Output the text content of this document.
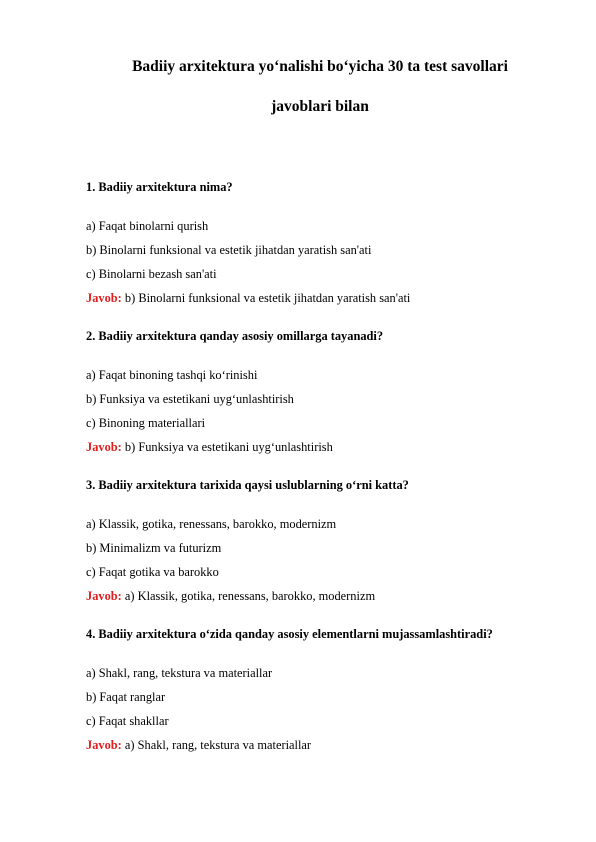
Badiiy arxitektura yo‘nalishi bo‘yicha 30 ta test savollari

javoblari bilan

1. Badiiy arxitektura nima?

a) Faqat binolarni qurish

b) Binolarni funksional va estetik jihatdan yaratish san'ati

c) Binolarni bezash san'ati

Javob: b) Binolarni funksional va estetik jihatdan yaratish san'ati

2. Badiiy arxitektura qanday asosiy omillarga tayanadi?

a) Faqat binoning tashqi ko‘rinishi

b) Funksiya va estetikani uyg‘unlashtirish

c) Binoning materiallari

Javob: b) Funksiya va estetikani uyg‘unlashtirish

3. Badiiy arxitektura tarixida qaysi uslublarning o‘rni katta?

a) Klassik, gotika, renessans, barokko, modernizm

b) Minimalizm va futurizm

c) Faqat gotika va barokko

Javob: a) Klassik, gotika, renessans, barokko, modernizm

4. Badiiy arxitektura o‘zida qanday asosiy elementlarni mujassamlashtiradi?

a) Shakl, rang, tekstura va materiallar

b) Faqat ranglar

c) Faqat shakllar

Javob: a) Shakl, rang, tekstura va materiallar
